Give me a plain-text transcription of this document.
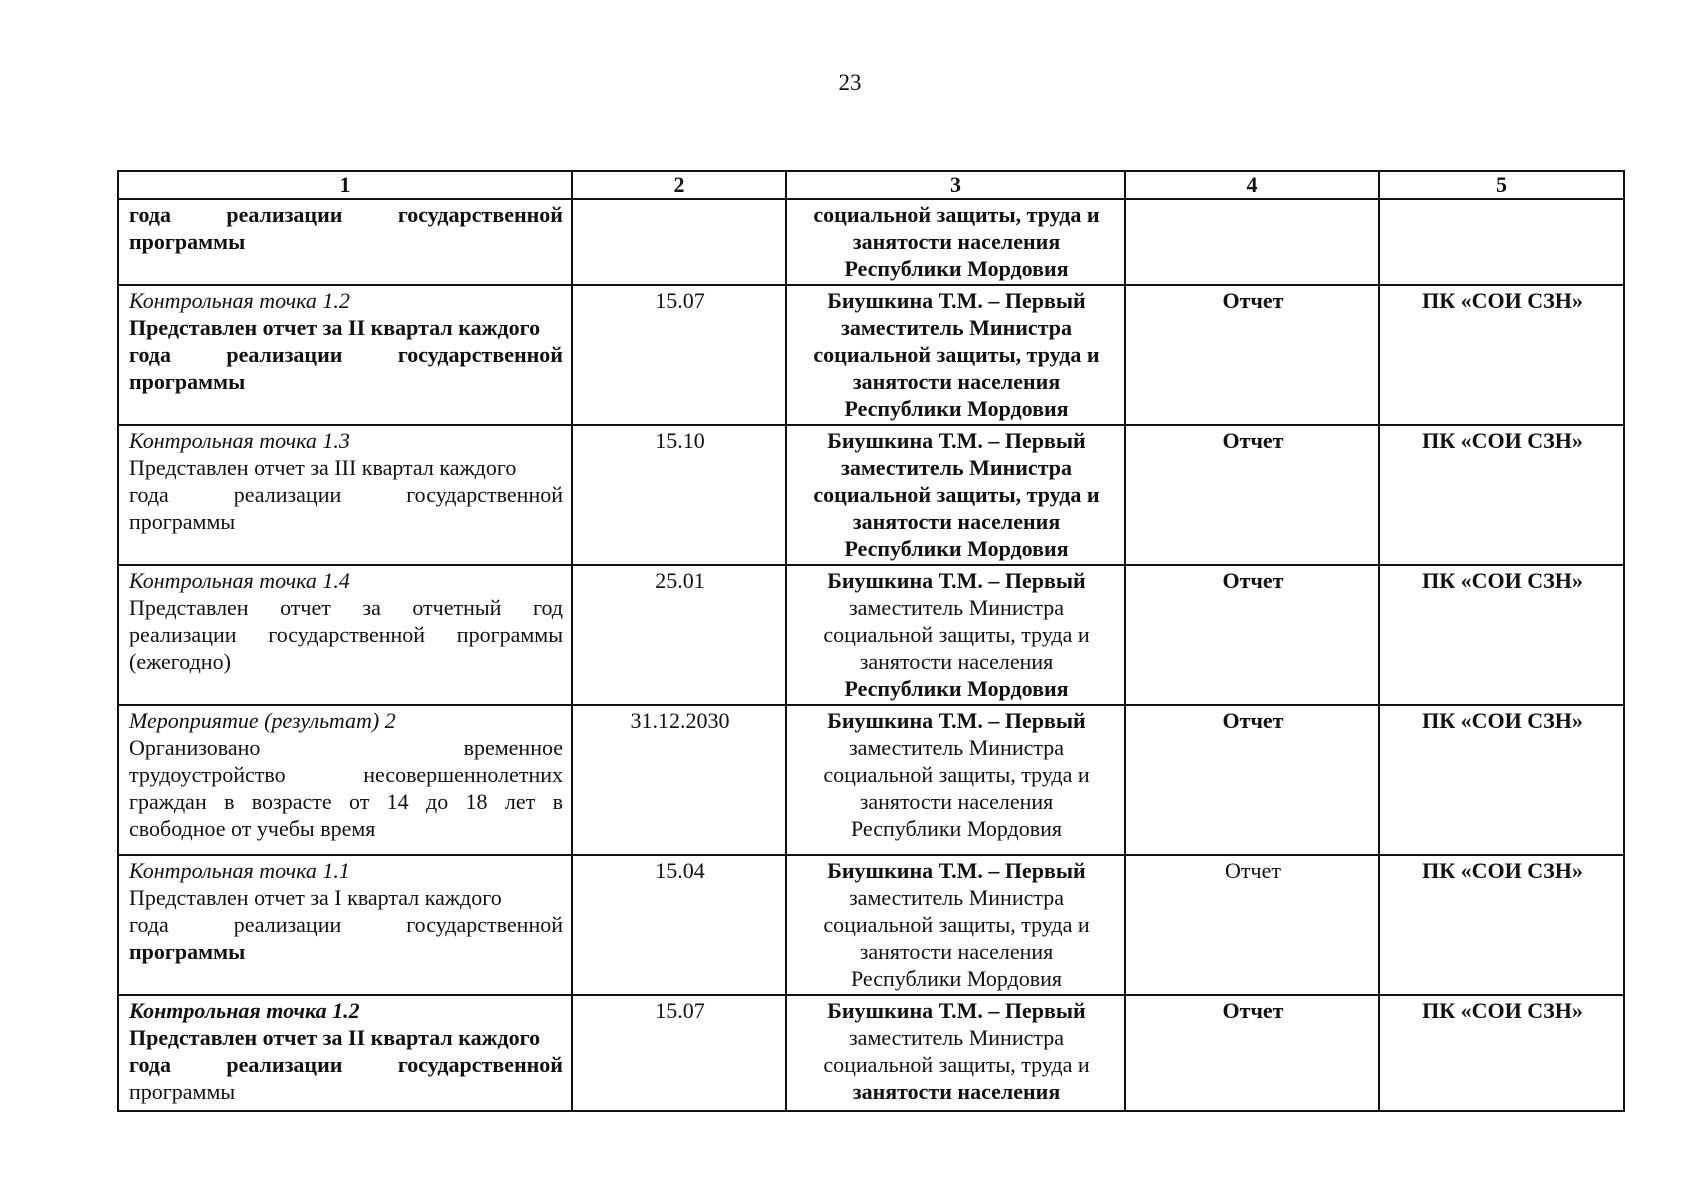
23
1	2	3	4	5

года реализации государственной
программы		социальной защиты, труда и
занятости населения
Республики Мордовия		

Контрольная точка 1.2
Представлен отчет за II квартал каждого
года реализации государственной
программы	15.07	Биушкина Т.М. – Первый
заместитель Министра
социальной защиты, труда и
занятости населения
Республики Мордовия	Отчет	ПК «СОИ СЗН»

Контрольная точка 1.3
Представлен отчет за III квартал каждого
года реализации государственной
программы	15.10	Биушкина Т.М. – Первый
заместитель Министра
социальной защиты, труда и
занятости населения
Республики Мордовия	Отчет	ПК «СОИ СЗН»

Контрольная точка 1.4
Представлен отчет за отчетный год
реализации государственной программы
(ежегодно)	25.01	Биушкина Т.М. – Первый
заместитель Министра
социальной защиты, труда и
занятости населения
Республики Мордовия	Отчет	ПК «СОИ СЗН»

Мероприятие (результат) 2
Организовано временное
трудоустройство несовершеннолетних
граждан в возрасте от 14 до 18 лет в
свободное от учебы время	31.12.2030	Биушкина Т.М. – Первый
заместитель Министра
социальной защиты, труда и
занятости населения
Республики Мордовия	Отчет	ПК «СОИ СЗН»

Контрольная точка 1.1
Представлен отчет за I квартал каждого
года реализации государственной
программы	15.04	Биушкина Т.М. – Первый
заместитель Министра
социальной защиты, труда и
занятости населения
Республики Мордовия	Отчет	ПК «СОИ СЗН»

Контрольная точка 1.2
Представлен отчет за II квартал каждого
года реализации государственной
программы	15.07	Биушкина Т.М. – Первый
заместитель Министра
социальной защиты, труда и
занятости населения	Отчет	ПК «СОИ СЗН»
